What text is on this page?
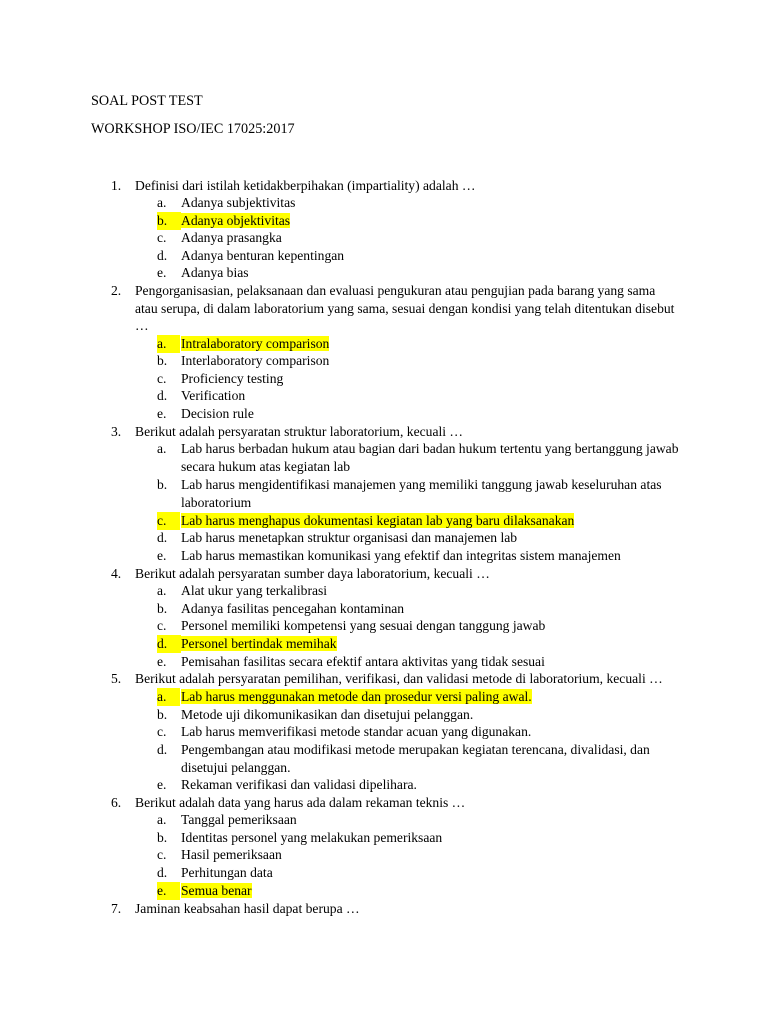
SOAL POST TEST
WORKSHOP ISO/IEC 17025:2017
1. Definisi dari istilah ketidakberpihakan (impartiality) adalah …
a. Adanya subjektivitas
b.	Adanya objektivitas
c. Adanya prasangka
d. Adanya benturan kepentingan
e. Adanya bias
2. Pengorganisasian, pelaksanaan dan evaluasi pengukuran atau pengujian pada barang yang sama atau serupa, di dalam laboratorium yang sama, sesuai dengan kondisi yang telah ditentukan disebut …
a.	Intralaboratory comparison
b. Interlaboratory comparison
c. Proficiency testing
d. Verification
e. Decision rule
3. Berikut adalah persyaratan struktur laboratorium, kecuali …
a. Lab harus berbadan hukum atau bagian dari badan hukum tertentu yang bertanggung jawab secara hukum atas kegiatan lab
b. Lab harus mengidentifikasi manajemen yang memiliki tanggung jawab keseluruhan atas laboratorium
c.	Lab harus menghapus dokumentasi kegiatan lab yang baru dilaksanakan
d. Lab harus menetapkan struktur organisasi dan manajemen lab
e. Lab harus memastikan komunikasi yang efektif dan integritas sistem manajemen
4. Berikut adalah persyaratan sumber daya laboratorium, kecuali …
a. Alat ukur yang terkalibrasi
b. Adanya fasilitas pencegahan kontaminan
c. Personel memiliki kompetensi yang sesuai dengan tanggung jawab
d.	Personel bertindak memihak
e. Pemisahan fasilitas secara efektif antara aktivitas yang tidak sesuai
5. Berikut adalah persyaratan pemilihan, verifikasi, dan validasi metode di laboratorium, kecuali …
a.	Lab harus menggunakan metode dan prosedur versi paling awal.
b. Metode uji dikomunikasikan dan disetujui pelanggan.
c. Lab harus memverifikasi metode standar acuan yang digunakan.
d. Pengembangan atau modifikasi metode merupakan kegiatan terencana, divalidasi, dan disetujui pelanggan.
e. Rekaman verifikasi dan validasi dipelihara.
6. Berikut adalah data yang harus ada dalam rekaman teknis …
a. Tanggal pemeriksaan
b. Identitas personel yang melakukan pemeriksaan
c. Hasil pemeriksaan
d. Perhitungan data
e.	Semua benar
7. Jaminan keabsahan hasil dapat berupa …
